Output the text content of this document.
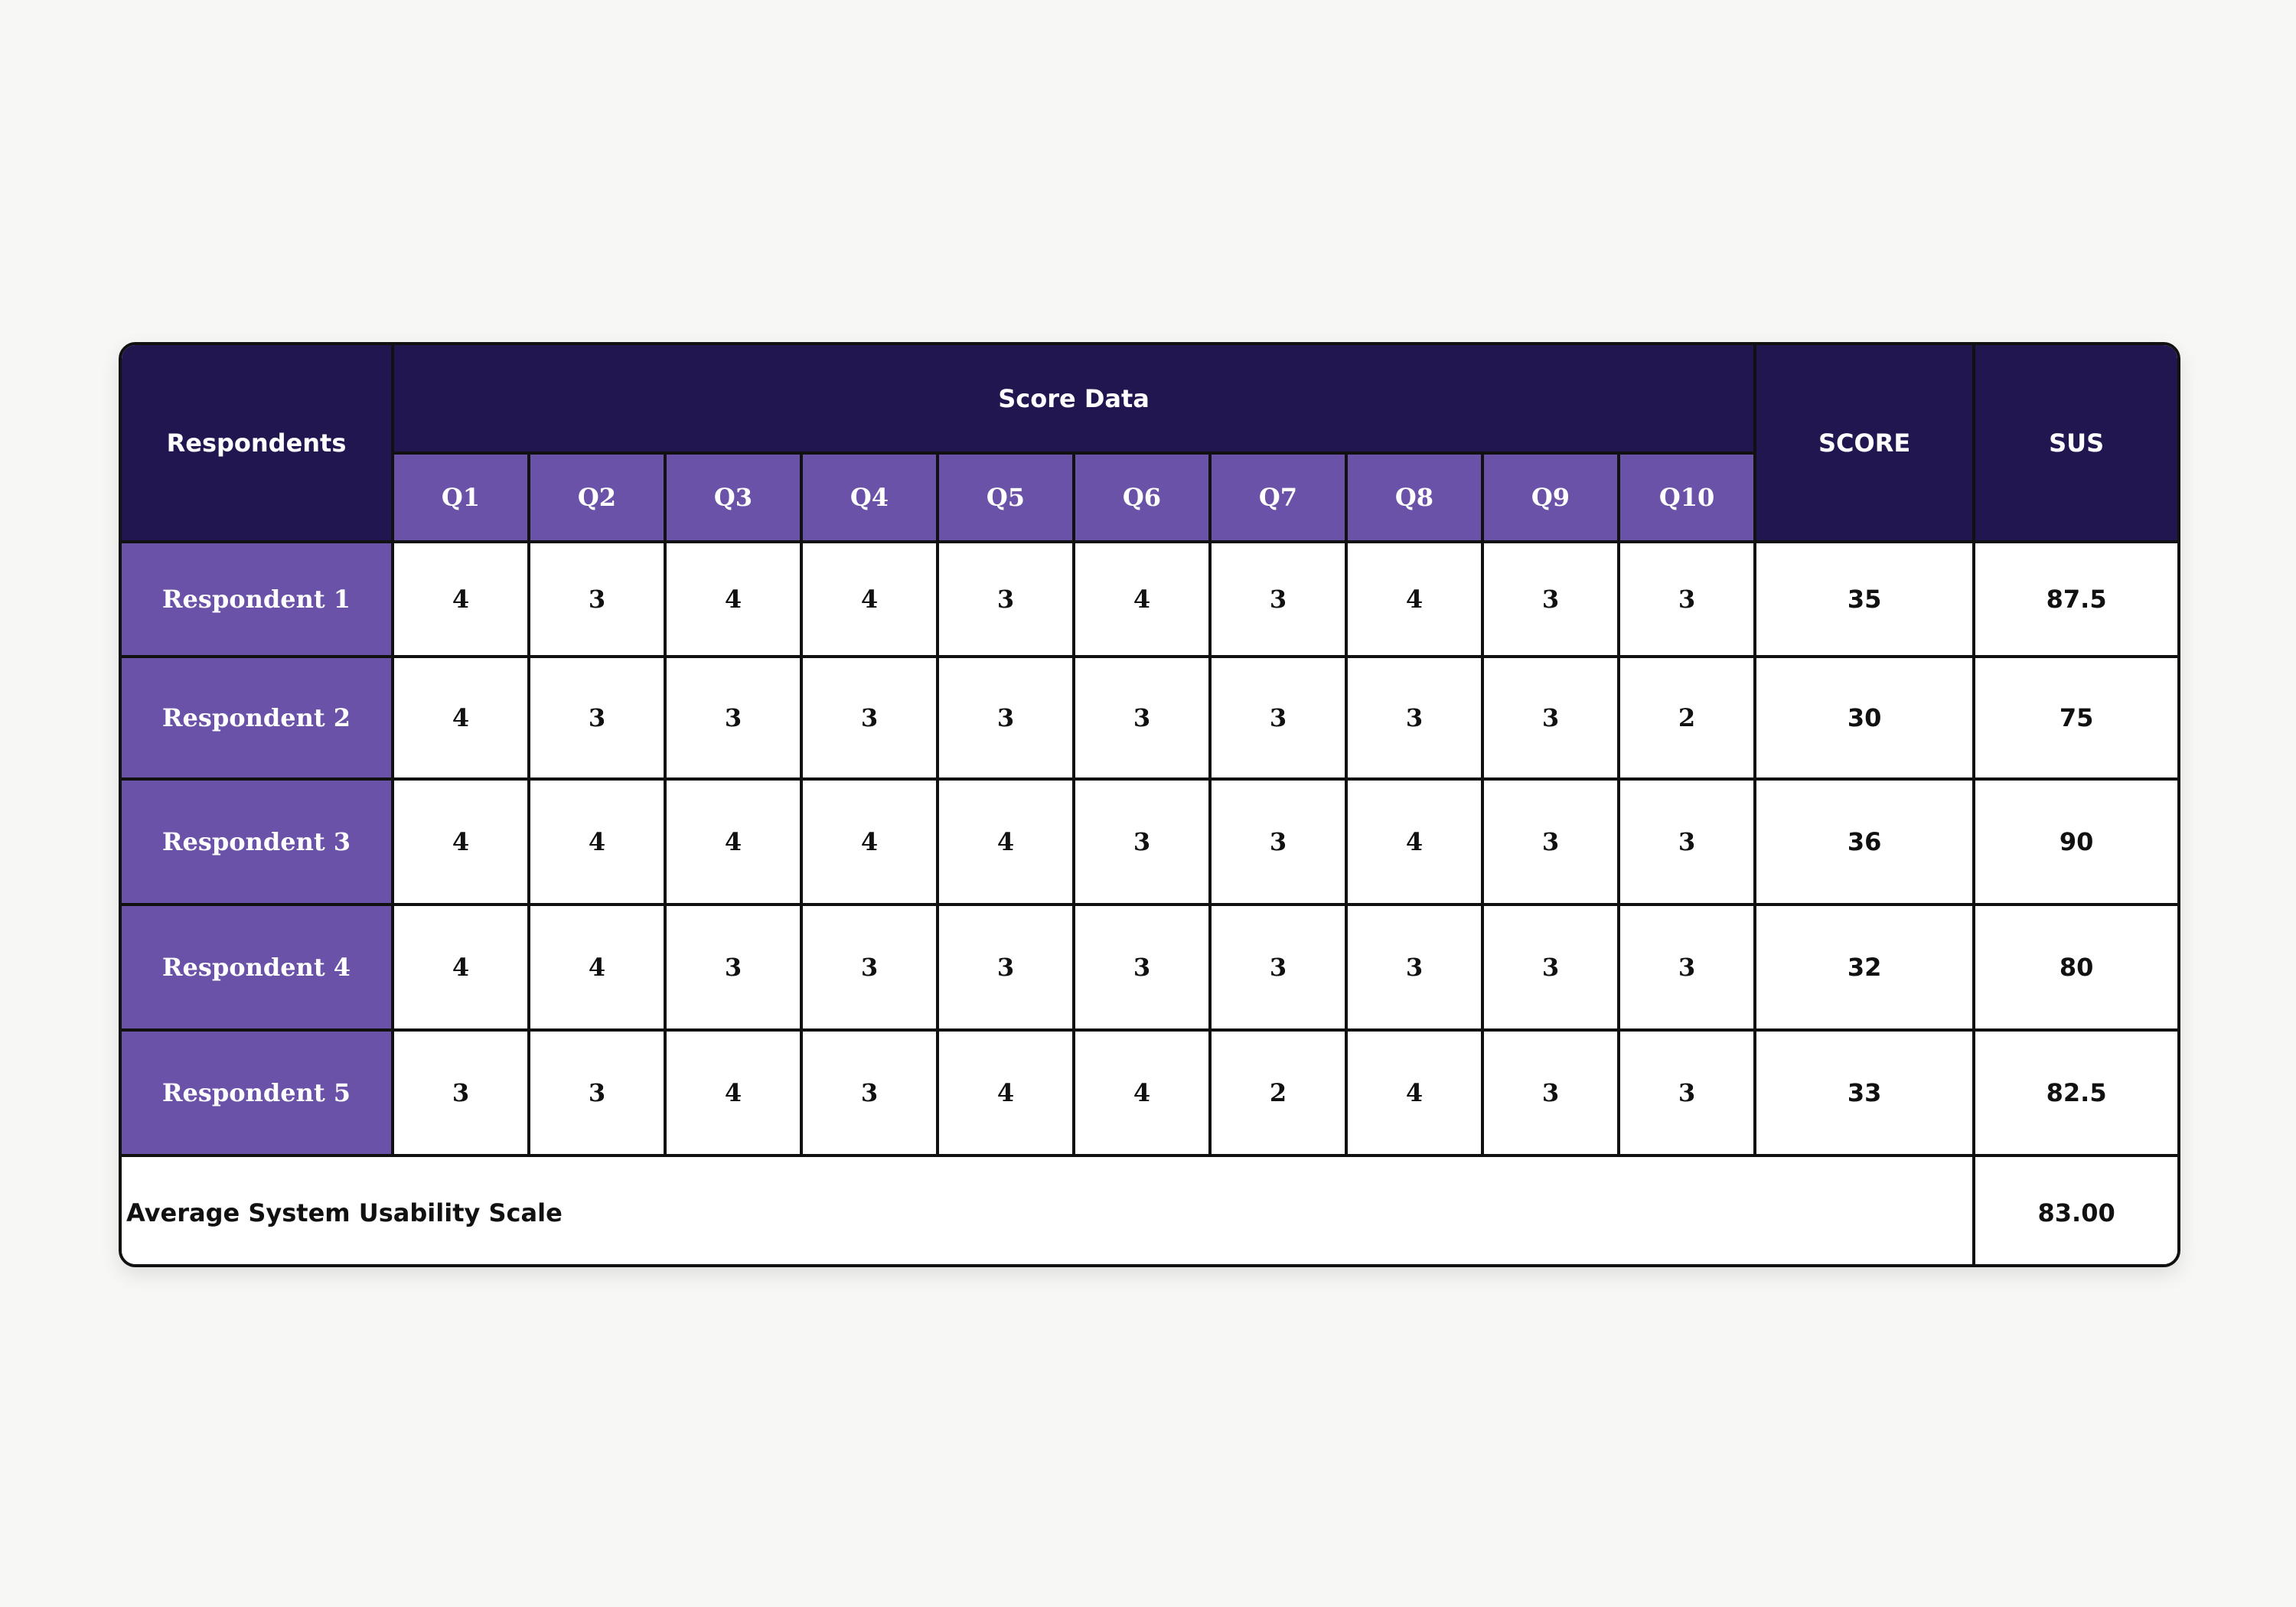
Respondents	Score Data										SCORE	SUS
	Q1	Q2	Q3	Q4	Q5	Q6	Q7	Q8	Q9	Q10		
Respondent 1	4	3	4	4	3	4	3	4	3	3	35	87.5
Respondent 2	4	3	3	3	3	3	3	3	3	2	30	75
Respondent 3	4	4	4	4	4	3	3	4	3	3	36	90
Respondent 4	4	4	3	3	3	3	3	3	3	3	32	80
Respondent 5	3	3	4	3	4	4	2	4	3	3	33	82.5
Average System Usability Scale												83.00
